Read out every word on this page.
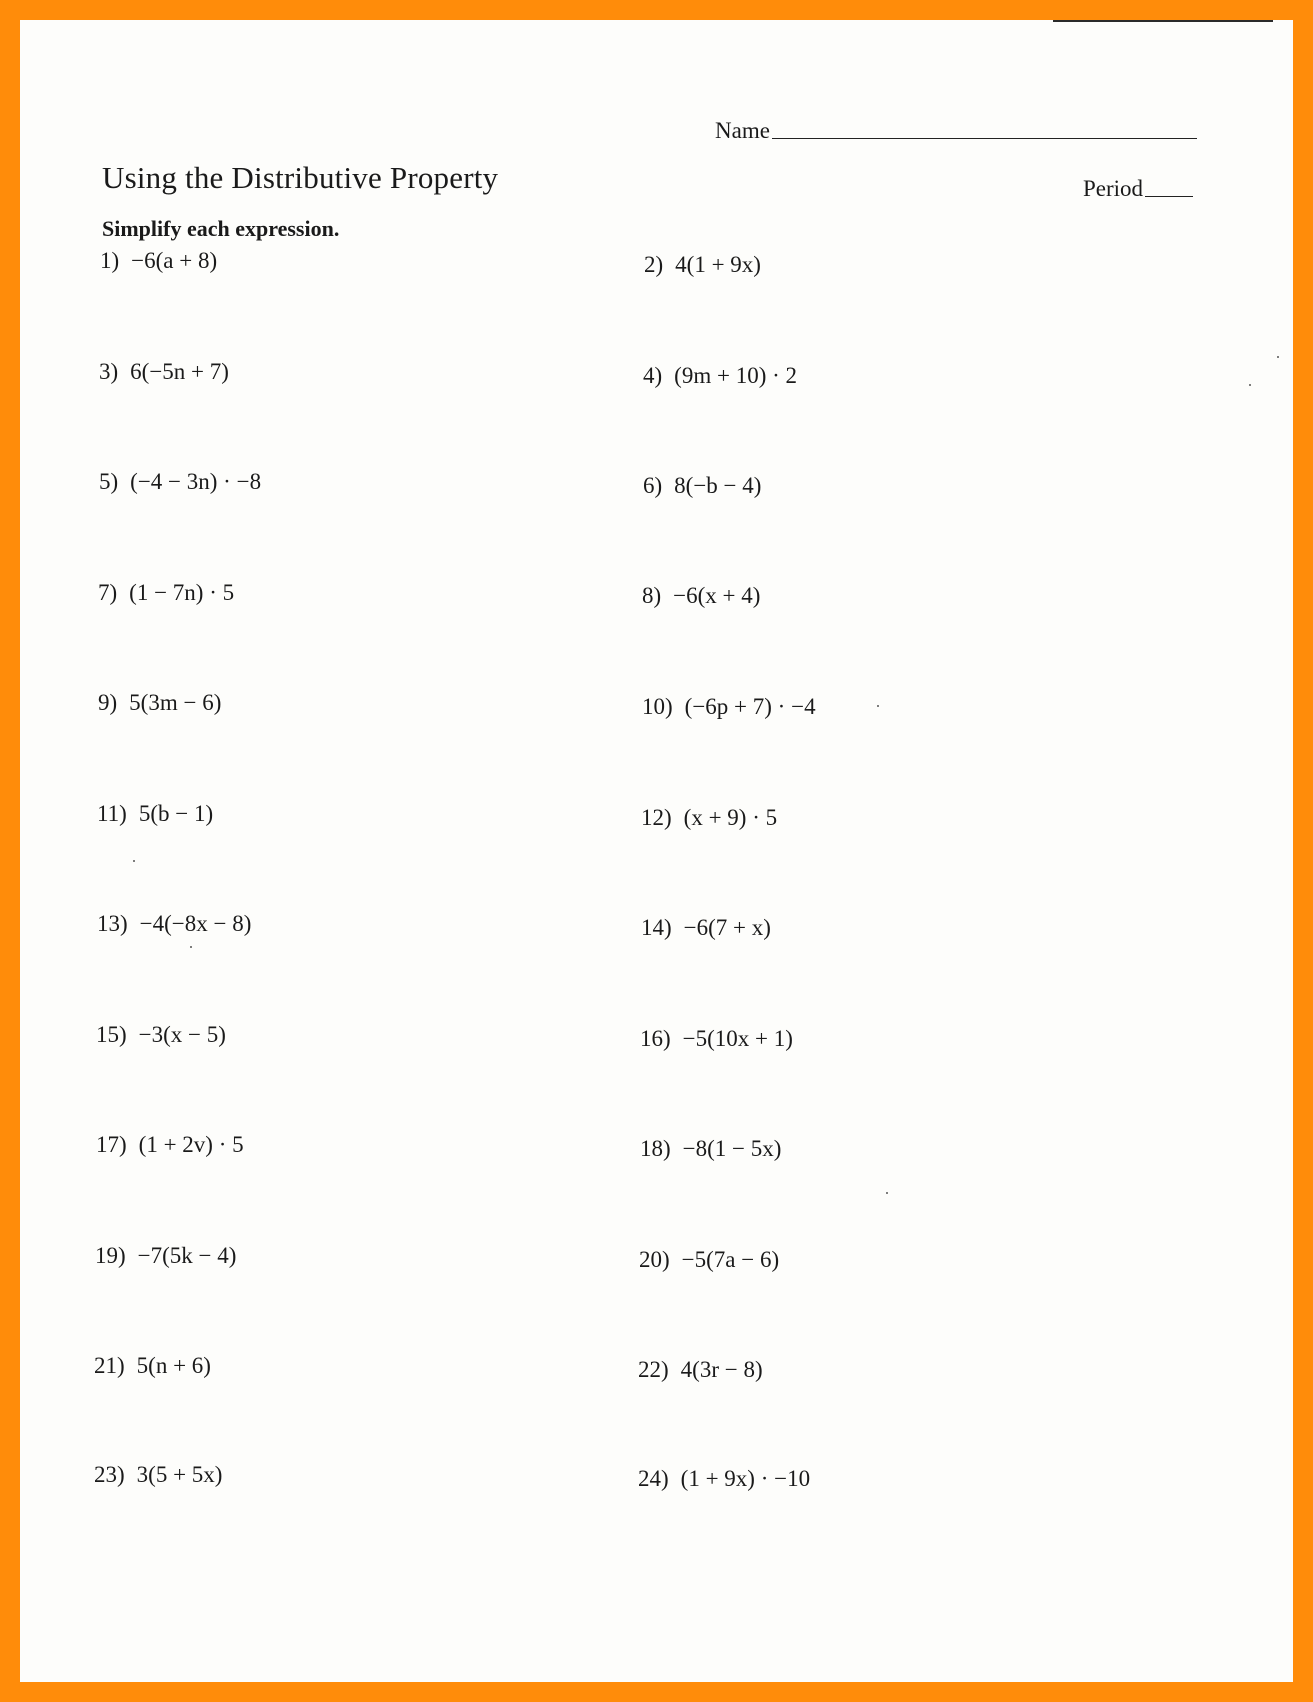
Name
Period
Using the Distributive Property
Simplify each expression.
1) −6(a + 8)	2) 4(1 + 9x)
3) 6(−5n + 7)	4) (9m + 10) · 2
5) (−4 − 3n) · −8	6) 8(−b − 4)
7) (1 − 7n) · 5	8) −6(x + 4)
9) 5(3m − 6)	10) (−6p + 7) · −4
11) 5(b − 1)	12) (x + 9) · 5
13) −4(−8x − 8)	14) −6(7 + x)
15) −3(x − 5)	16) −5(10x + 1)
17) (1 + 2v) · 5	18) −8(1 − 5x)
19) −7(5k − 4)	20) −5(7a − 6)
21) 5(n + 6)	22) 4(3r − 8)
23) 3(5 + 5x)	24) (1 + 9x) · −10
